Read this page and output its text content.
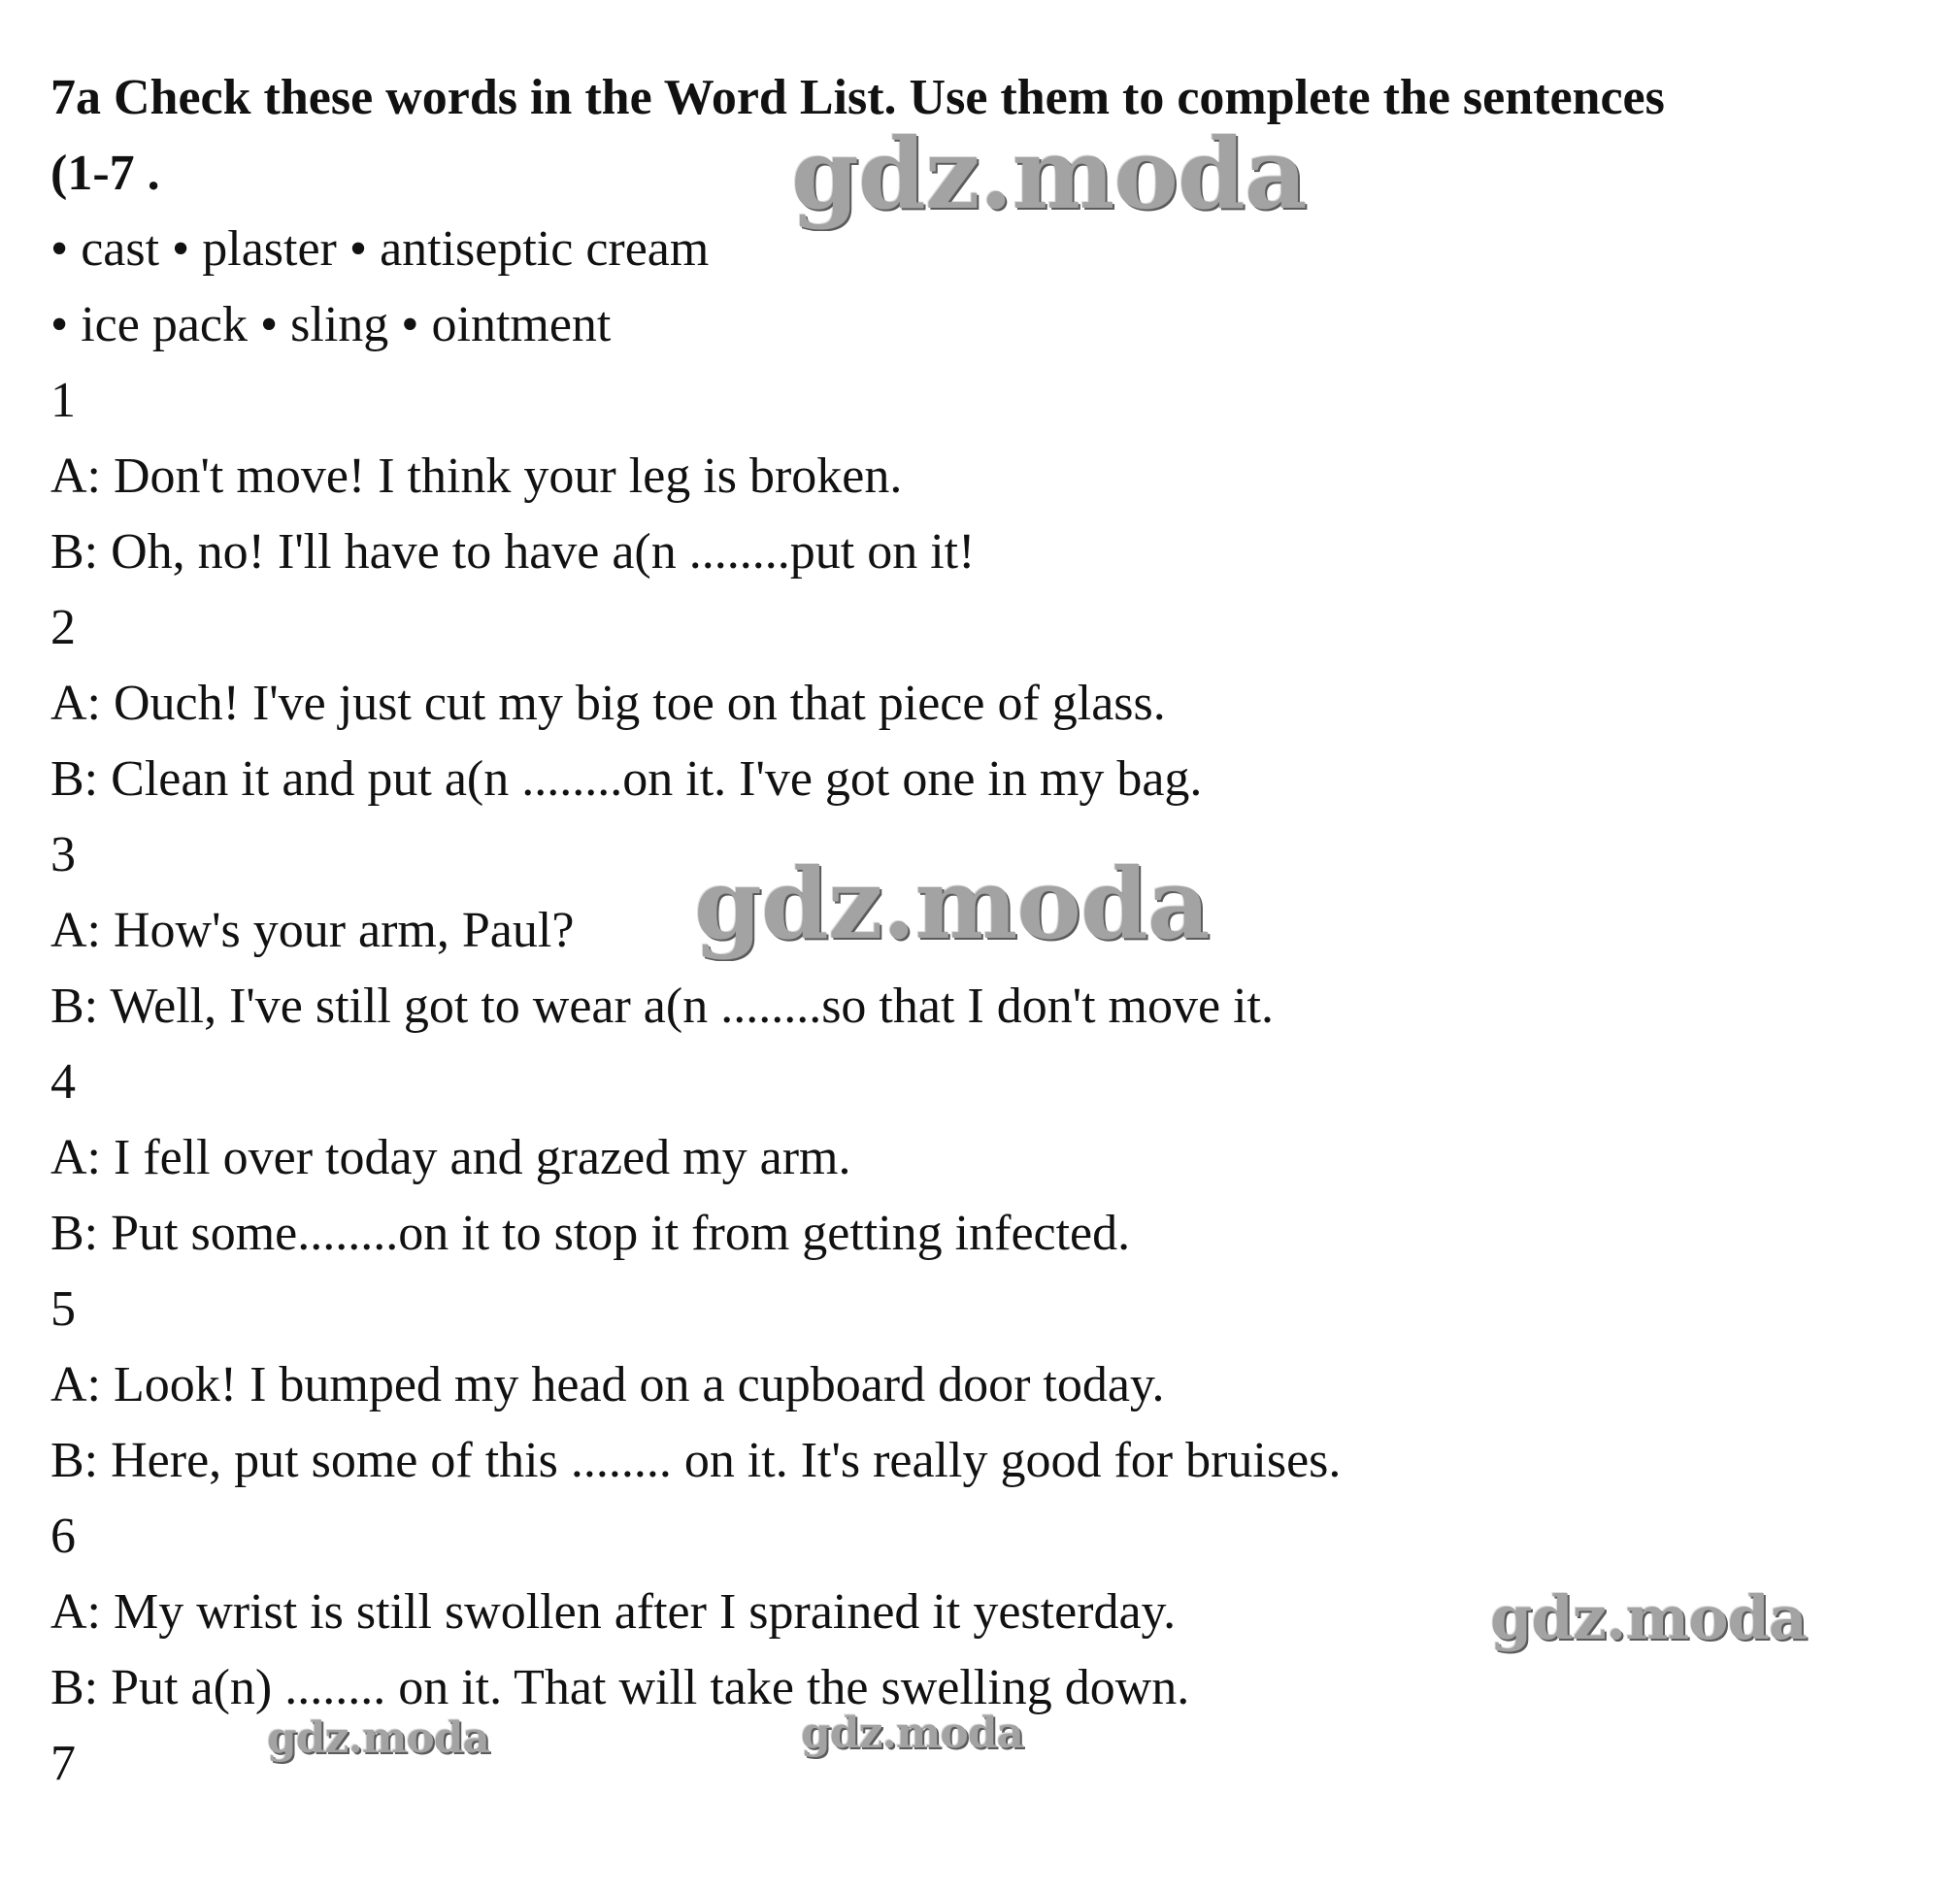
7a Check these words in the Word List. Use them to complete the sentences

(1-7 .

• cast • plaster • antiseptic cream

• ice pack • sling • ointment

1

A: Don't move! I think your leg is broken.

B: Oh, no! I'll have to have a(n ........put on it!

2

A: Ouch! I've just cut my big toe on that piece of glass.

B: Clean it and put a(n ........on it. I've got one in my bag.

3

A: How's your arm, Paul?

B: Well, I've still got to wear a(n ........so that I don't move it.

4

A: I fell over today and grazed my arm.

B: Put some........on it to stop it from getting infected.

5

A: Look! I bumped my head on a cupboard door today.

B: Here, put some of this ........ on it. It's really good for bruises.

6

A: My wrist is still swollen after I sprained it yesterday.

B: Put a(n) ........ on it. That will take the swelling down.

7

gdz.moda
gdz.moda
gdz.moda
gdz.moda	gdz.moda
